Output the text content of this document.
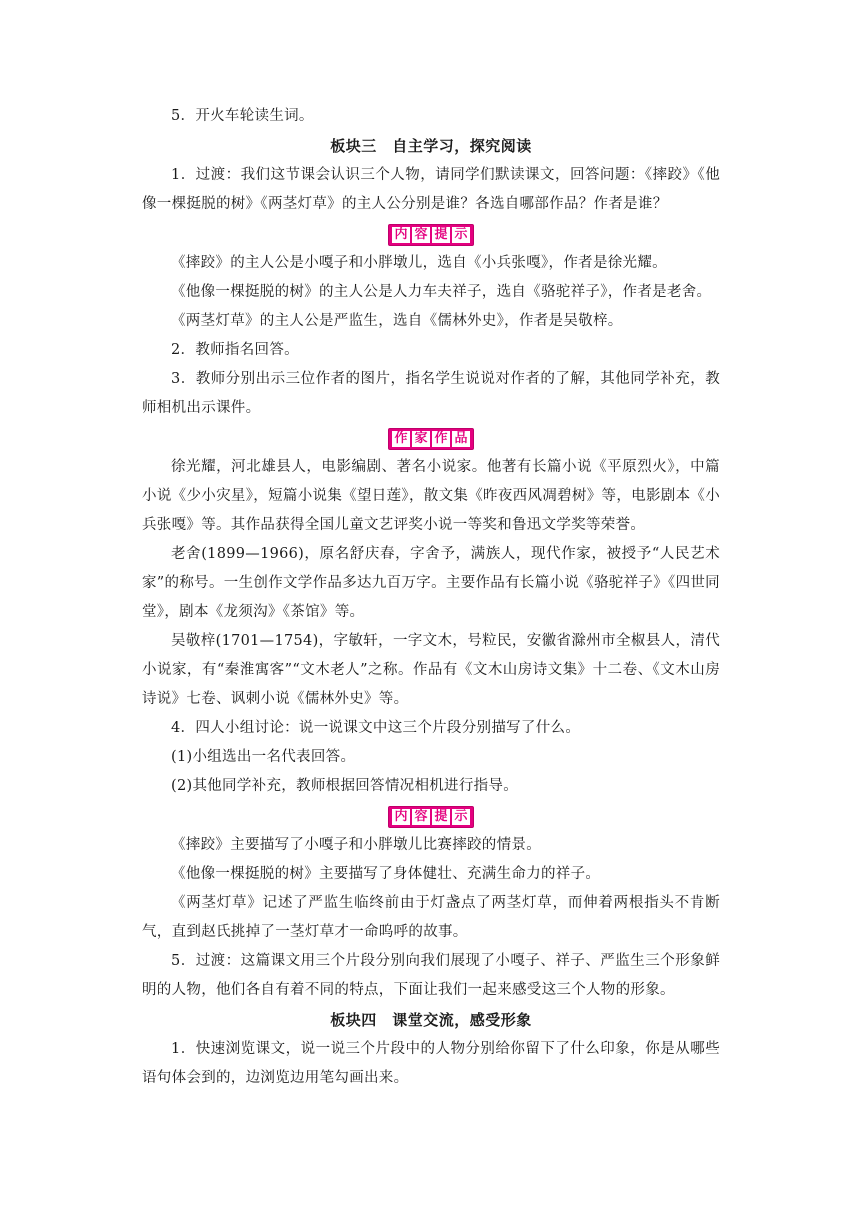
5．开火车轮读生词。

板块三　自主学习，探究阅读

1．过渡：我们这节课会认识三个人物，请同学们默读课文，回答问题：《摔跤》《他像一棵挺脱的树》《两茎灯草》的主人公分别是谁？各选自哪部作品？作者是谁？

内 容 提 示

《摔跤》的主人公是小嘎子和小胖墩儿，选自《小兵张嘎》，作者是徐光耀。

《他像一棵挺脱的树》的主人公是人力车夫祥子，选自《骆驼祥子》，作者是老舍。

《两茎灯草》的主人公是严监生，选自《儒林外史》，作者是吴敬梓。

2．教师指名回答。

3．教师分别出示三位作者的图片，指名学生说说对作者的了解，其他同学补充，教师相机出示课件。

作 家 作 品

徐光耀，河北雄县人，电影编剧、著名小说家。他著有长篇小说《平原烈火》，中篇小说《少小灾星》，短篇小说集《望日莲》，散文集《昨夜西风凋碧树》等，电影剧本《小兵张嘎》等。其作品获得全国儿童文艺评奖小说一等奖和鲁迅文学奖等荣誉。

老舍(1899—1966)，原名舒庆春，字舍予，满族人，现代作家，被授予“人民艺术家”的称号。一生创作文学作品多达九百万字。主要作品有长篇小说《骆驼祥子》《四世同堂》，剧本《龙须沟》《茶馆》等。

吴敬梓(1701—1754)，字敏轩，一字文木，号粒民，安徽省滁州市全椒县人，清代小说家，有“秦淮寓客”“文木老人”之称。作品有《文木山房诗文集》十二卷、《文木山房诗说》七卷、讽刺小说《儒林外史》等。

4．四人小组讨论：说一说课文中这三个片段分别描写了什么。

(1)小组选出一名代表回答。

(2)其他同学补充，教师根据回答情况相机进行指导。

内 容 提 示

《摔跤》主要描写了小嘎子和小胖墩儿比赛摔跤的情景。

《他像一棵挺脱的树》主要描写了身体健壮、充满生命力的祥子。

《两茎灯草》记述了严监生临终前由于灯盏点了两茎灯草，而伸着两根指头不肯断气，直到赵氏挑掉了一茎灯草才一命呜呼的故事。

5．过渡：这篇课文用三个片段分别向我们展现了小嘎子、祥子、严监生三个形象鲜明的人物，他们各自有着不同的特点，下面让我们一起来感受这三个人物的形象。

板块四　课堂交流，感受形象

1．快速浏览课文，说一说三个片段中的人物分别给你留下了什么印象，你是从哪些语句体会到的，边浏览边用笔勾画出来。
